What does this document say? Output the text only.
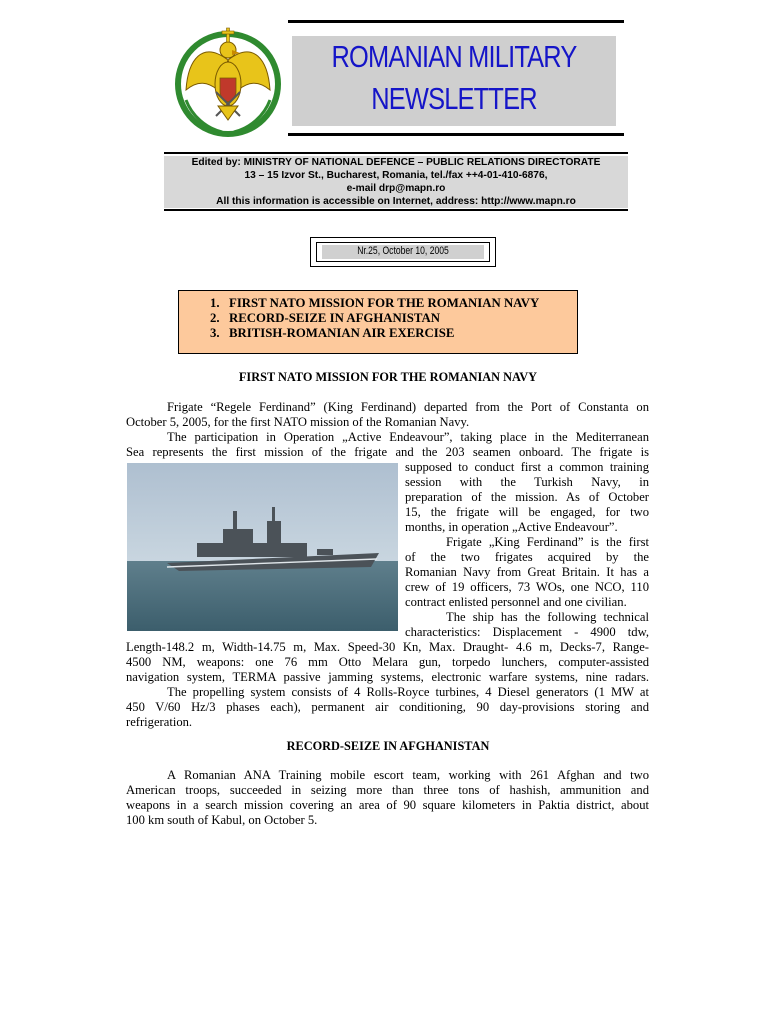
ROMANIAN MILITARY
NEWSLETTER
Edited by: MINISTRY OF NATIONAL DEFENCE – PUBLIC RELATIONS DIRECTORATE
13 – 15 Izvor St., Bucharest, Romania, tel./fax ++4-01-410-6876,
e-mail drp@mapn.ro
All this information is accessible on Internet, address: http://www.mapn.ro
Nr.25, October 10, 2005
1. FIRST NATO MISSION FOR THE ROMANIAN NAVY
2. RECORD-SEIZE IN AFGHANISTAN
3. BRITISH-ROMANIAN AIR EXERCISE
FIRST NATO MISSION FOR THE ROMANIAN NAVY
Frigate “Regele Ferdinand” (King Ferdinand) departed from the Port of Constanta on
October 5, 2005, for the first NATO mission of the Romanian Navy.
The participation in Operation „Active Endeavour”, taking place in the Mediterranean
Sea represents the first mission of the frigate and the 203 seamen onboard. The frigate is
supposed to conduct first a common training
session with the Turkish Navy, in
preparation of the mission. As of October
15, the frigate will be engaged, for two
months, in operation „Active Endeavour”.
Frigate „King Ferdinand” is the first
of the two frigates acquired by the
Romanian Navy from Great Britain. It has a
crew of 19 officers, 73 WOs, one NCO, 110
contract enlisted personnel and one civilian.
The ship has the following technical
characteristics: Displacement - 4900 tdw,
Length-148.2 m, Width-14.75 m, Max. Speed-30 Kn, Max. Draught- 4.6 m, Decks-7, Range-
4500 NM, weapons: one 76 mm Otto Melara gun, torpedo lunchers, computer-assisted
navigation system, TERMA passive jamming systems, electronic warfare systems, nine radars.
The propelling system consists of 4 Rolls-Royce turbines, 4 Diesel generators (1 MW at
450 V/60 Hz/3 phases each), permanent air conditioning, 90 day-provisions storing and
refrigeration.
RECORD-SEIZE IN AFGHANISTAN
A Romanian ANA Training mobile escort team, working with 261 Afghan and two
American troops, succeeded in seizing more than three tons of hashish, ammunition and
weapons in a search mission covering an area of 90 square kilometers in Paktia district, about
100 km south of Kabul, on October 5.
